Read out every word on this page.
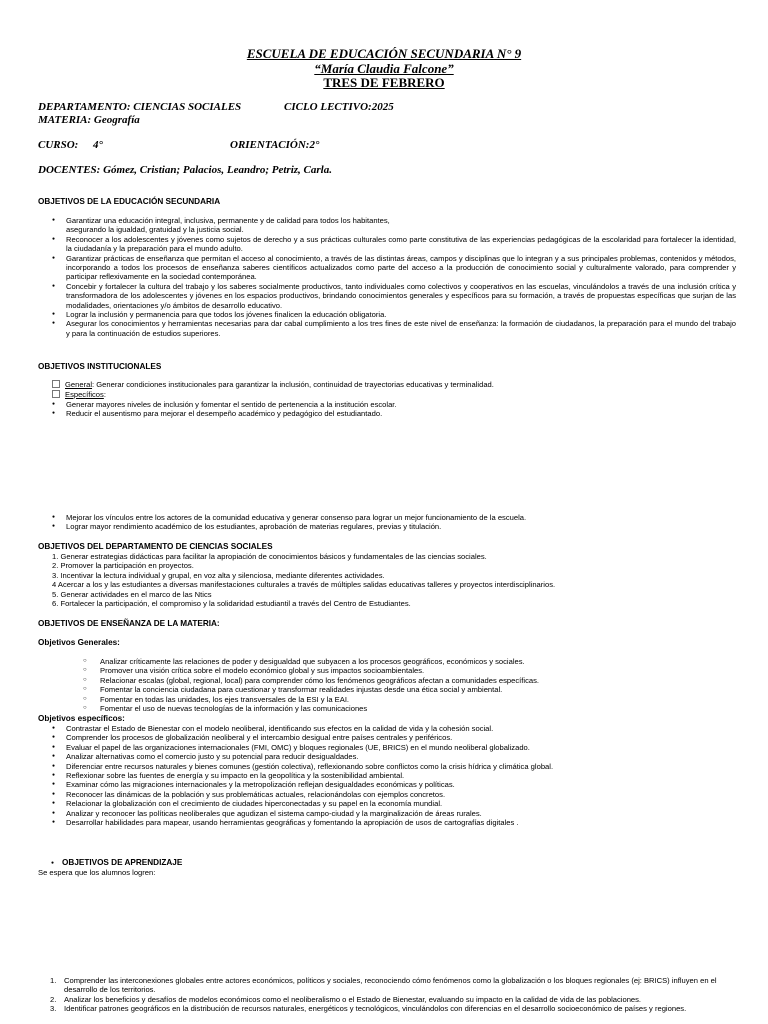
ESCUELA DE EDUCACIÓN SECUNDARIA N° 9

“María Claudia Falcone”

TRES DE FEBRERO

DEPARTAMENTO: CIENCIAS SOCIALES	CICLO LECTIVO:2025

MATERIA: Geografía

CURSO: 4°	ORIENTACIÓN:2°

DOCENTES: Gómez, Cristian; Palacios, Leandro; Petriz, Carla.

OBJETIVOS DE LA EDUCACIÓN SECUNDARIA

● Garantizar una educación integral, inclusiva, permanente y de calidad para todos los habitantes,
asegurando la igualdad, gratuidad y la justicia social.
● Reconocer a los adolescentes y jóvenes como sujetos de derecho y a sus prácticas culturales como parte constitutiva de las experiencias pedagógicas de la escolaridad para fortalecer la identidad, la ciudadanía y la preparación para el mundo adulto.
● Garantizar prácticas de enseñanza que permitan el acceso al conocimiento, a través de las distintas áreas, campos y disciplinas que lo integran y a sus principales problemas, contenidos y métodos, incorporando a todos los procesos de enseñanza saberes científicos actualizados como parte del acceso a la producción de conocimiento social y culturalmente valorado, para comprender y participar reflexivamente en la sociedad contemporánea.
● Concebir y fortalecer la cultura del trabajo y los saberes socialmente productivos, tanto individuales como colectivos y cooperativos en las escuelas, vinculándolos a través de una inclusión crítica y transformadora de los adolescentes y jóvenes en los espacios productivos, brindando conocimientos generales y específicos para su formación, a través de propuestas específicas que surjan de las modalidades, orientaciones y/o ámbitos de desarrollo educativo.
● Lograr la inclusión y permanencia para que todos los jóvenes finalicen la educación obligatoria.
● Asegurar los conocimientos y herramientas necesarias para dar cabal cumplimiento a los tres fines de este nivel de enseñanza: la formación de ciudadanos, la preparación para el mundo del trabajo y para la continuación de estudios superiores.

OBJETIVOS INSTITUCIONALES

General: Generar condiciones institucionales para garantizar la inclusión, continuidad de trayectorias educativas y terminalidad.
Específicos:
● Generar mayores niveles de inclusión y fomentar el sentido de pertenencia a la institución escolar.
● Reducir el ausentismo para mejorar el desempeño académico y pedagógico del estudiantado.
● Mejorar los vínculos entre los actores de la comunidad educativa y generar consenso para lograr un mejor funcionamiento de la escuela.
● Lograr mayor rendimiento académico de los estudiantes, aprobación de materias regulares, previas y titulación.

OBJETIVOS DEL DEPARTAMENTO DE CIENCIAS SOCIALES

1. Generar estrategias didácticas para facilitar la apropiación de conocimientos básicos y fundamentales de las ciencias sociales.

2. Promover la participación en proyectos.

3. Incentivar la lectura individual y grupal, en voz alta y silenciosa, mediante diferentes actividades.

4 Acercar a los y las estudiantes a diversas manifestaciones culturales a través de múltiples salidas educativas talleres y proyectos interdisciplinarios.

5. Generar actividades en el marco de las Ntics

6. Fortalecer la participación, el compromiso y la solidaridad estudiantil a través del Centro de Estudiantes.

OBJETIVOS DE ENSEÑANZA DE LA MATERIA:

Objetivos Generales:

○ Analizar críticamente las relaciones de poder y desigualdad que subyacen a los procesos geográficos, económicos y sociales.
○ Promover una visión crítica sobre el modelo económico global y sus impactos socioambientales.
○ Relacionar escalas (global, regional, local) para comprender cómo los fenómenos geográficos afectan a comunidades específicas.
○ Fomentar la conciencia ciudadana para cuestionar y transformar realidades injustas desde una ética social y ambiental.
○ Fomentar en todas las unidades, los ejes transversales de la ESI y la EAI.
○ Fomentar el uso de nuevas tecnologías de la información y las comunicaciones

Objetivos específicos:

● Contrastar el Estado de Bienestar con el modelo neoliberal, identificando sus efectos en la calidad de vida y la cohesión social.
● Comprender los procesos de globalización neoliberal y el intercambio desigual entre países centrales y periféricos.
● Evaluar el papel de las organizaciones internacionales (FMI, OMC) y bloques regionales (UE, BRICS) en el mundo neoliberal globalizado.
● Analizar alternativas como el comercio justo y su potencial para reducir desigualdades.
● Diferenciar entre recursos naturales y bienes comunes (gestión colectiva), reflexionando sobre conflictos como la crisis hídrica y climática global.
● Reflexionar sobre las fuentes de energía y su impacto en la geopolítica y la sostenibilidad ambiental.
● Examinar cómo las migraciones internacionales y la metropolización reflejan desigualdades económicas y políticas.
● Reconocer las dinámicas de la población y sus problemáticas actuales, relacionándolas con ejemplos concretos.
● Relacionar la globalización con el crecimiento de ciudades hiperconectadas y su papel en la economía mundial.
● Analizar y reconocer las políticas neoliberales que agudizan el sistema campo-ciudad y la marginalización de áreas rurales.
● Desarrollar habilidades para mapear, usando herramientas geográficas y fomentando la apropiación de usos de cartografías digitales .
● OBJETIVOS DE APRENDIZAJE

Se espera que los alumnos logren:

1. Comprender las interconexiones globales entre actores económicos, políticos y sociales, reconociendo cómo fenómenos como la globalización o los bloques regionales (ej: BRICS) influyen en el desarrollo de los territorios.
2. Analizar los beneficios y desafíos de modelos económicos como el neoliberalismo o el Estado de Bienestar, evaluando su impacto en la calidad de vida de las poblaciones.
3. Identificar patrones geográficos en la distribución de recursos naturales, energéticos y tecnológicos, vinculándolos con diferencias en el desarrollo socioeconómico de países y regiones.
